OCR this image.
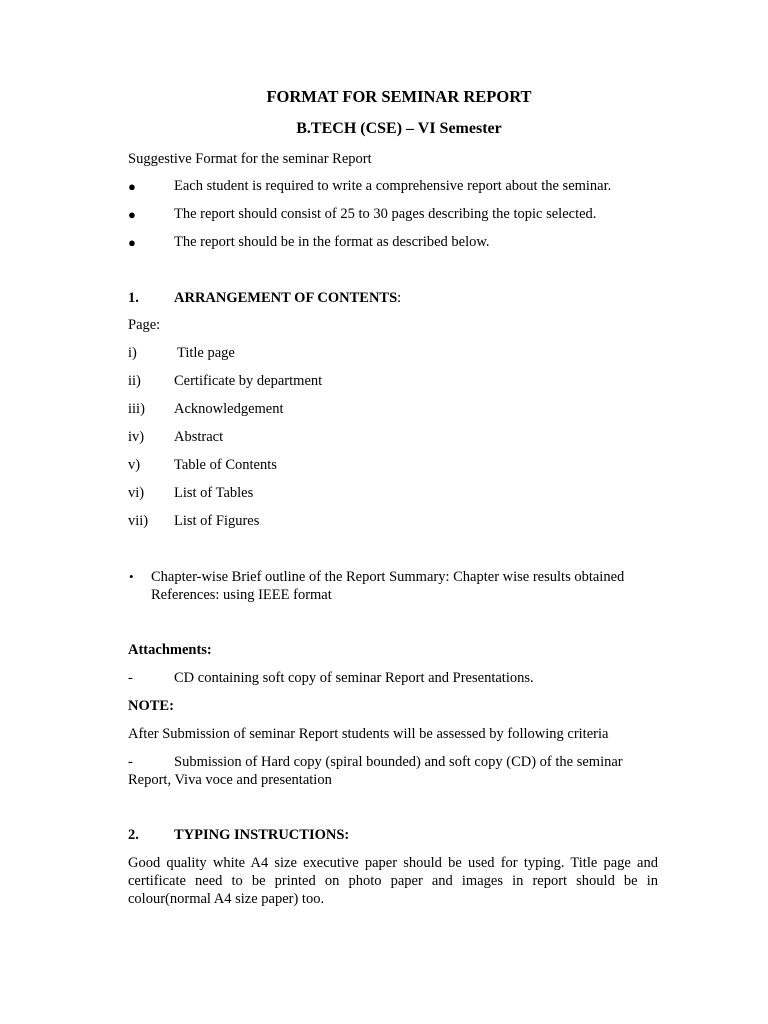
FORMAT FOR SEMINAR REPORT
B.TECH (CSE) – VI Semester
Suggestive Format for the seminar Report
●	Each student is required to write a comprehensive report about the seminar.
●	The report should consist of 25 to 30 pages describing the topic selected.
●	The report should be in the format as described below.
1. ARRANGEMENT OF CONTENTS:
Page:
i)	Title page
ii) Certificate by department
iii) Acknowledgement
iv) Abstract
v) Table of Contents
vi) List of Tables
vii) List of Figures
• Chapter-wise Brief outline of the Report Summary: Chapter wise results obtained
References: using IEEE format
Attachments:
-	CD containing soft copy of seminar Report and Presentations.
NOTE:
After Submission of seminar Report students will be assessed by following criteria
-	Submission of Hard copy (spiral bounded) and soft copy (CD) of the seminar
Report, Viva voce and presentation
2. TYPING INSTRUCTIONS:
Good quality white A4 size executive paper should be used for typing. Title page and certificate need to be printed on photo paper and images in report should be in colour(normal A4 size paper) too.
